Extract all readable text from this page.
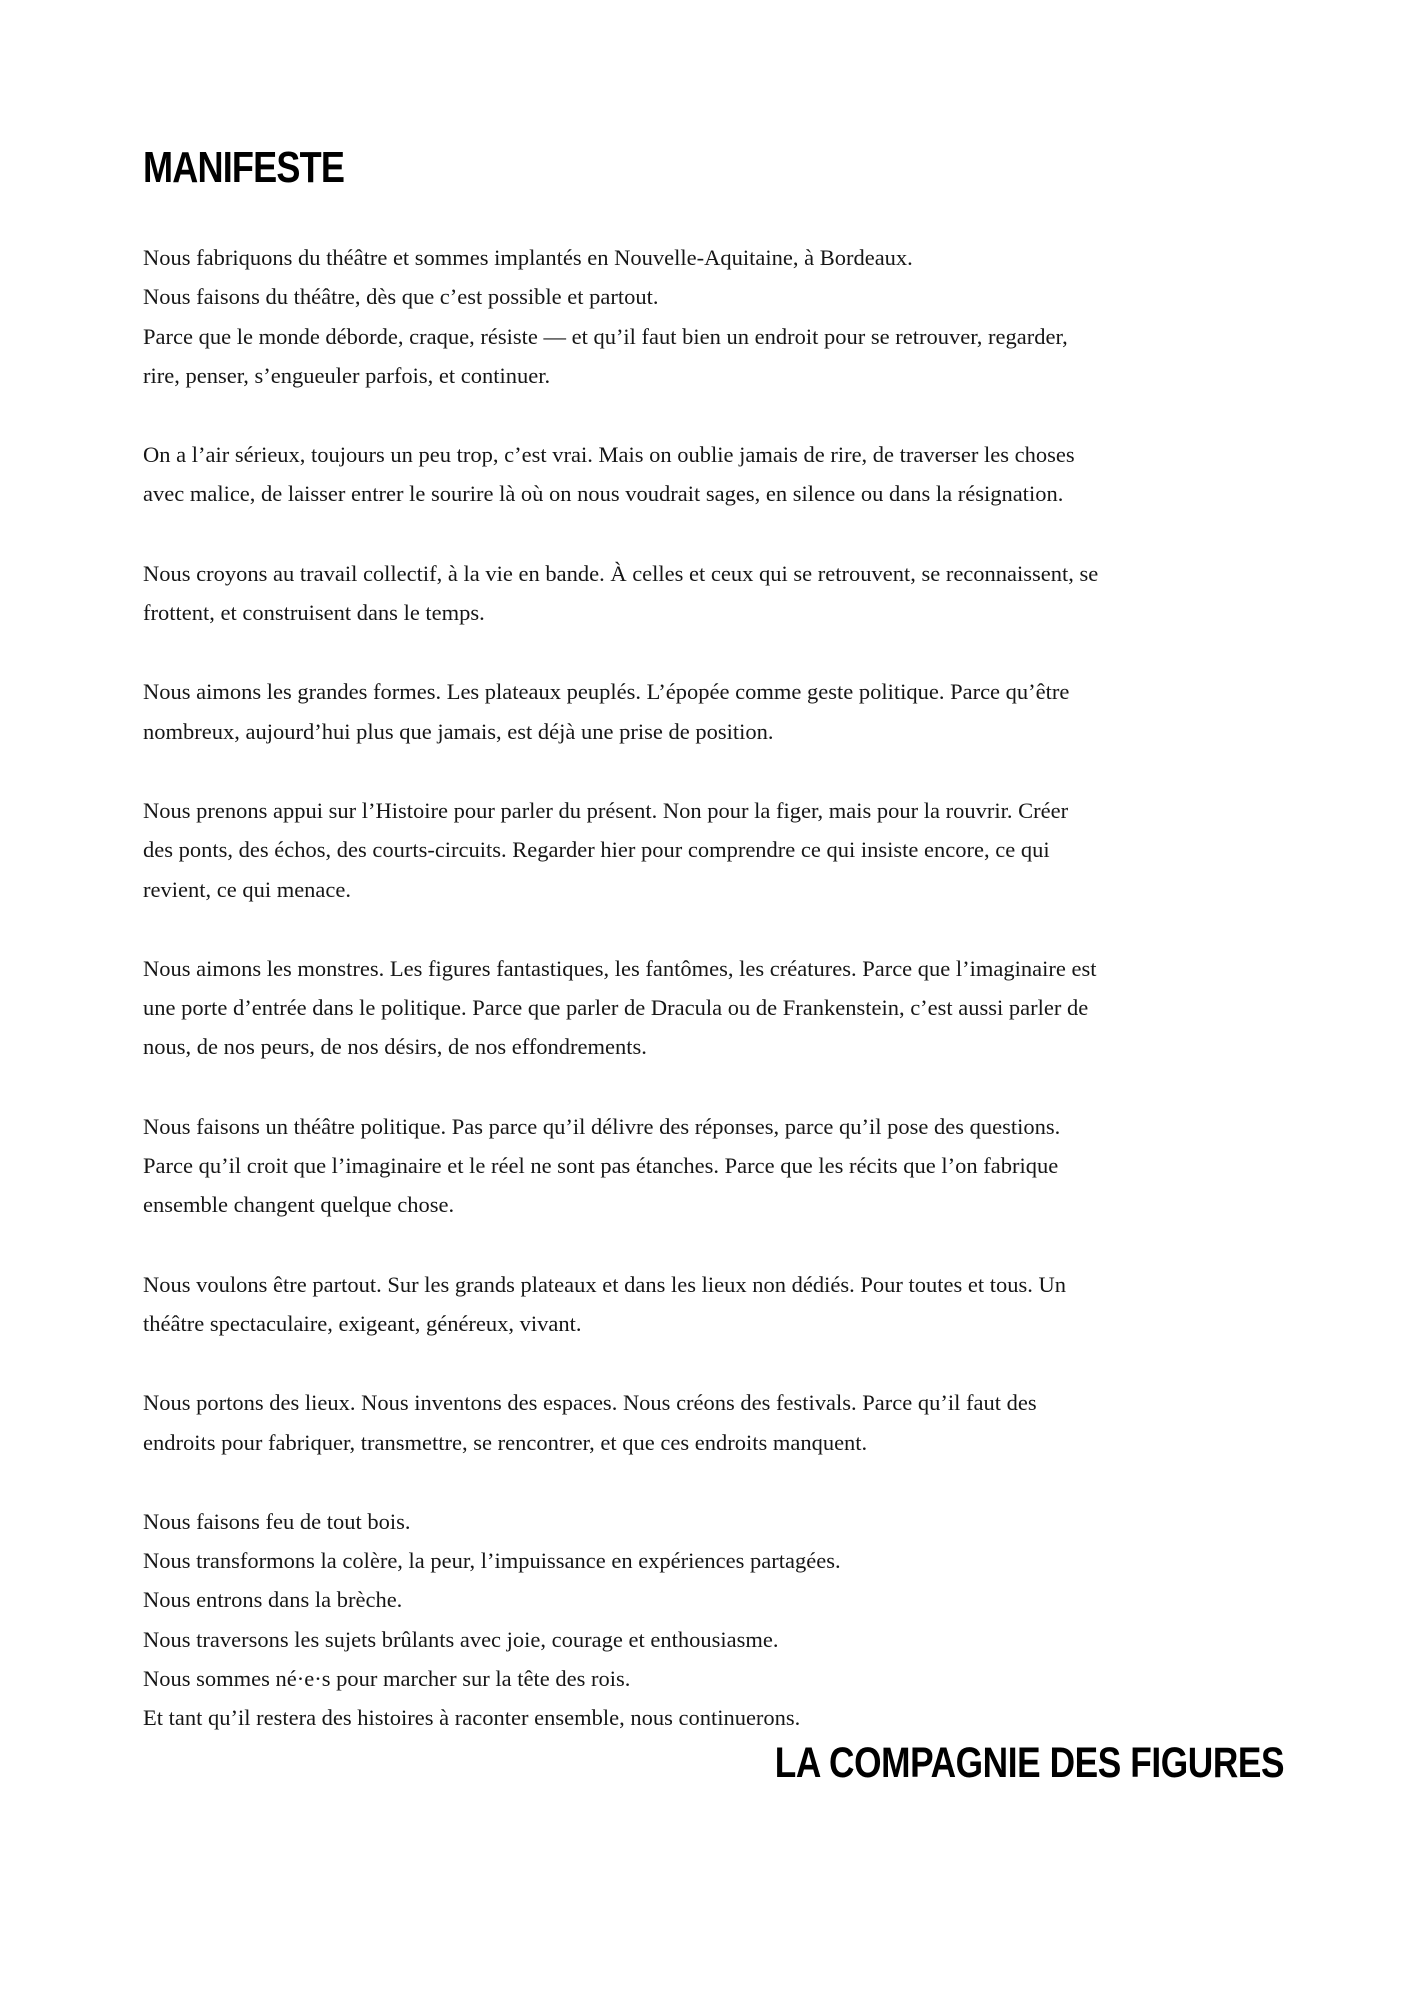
MANIFESTE

Nous fabriquons du théâtre et sommes implantés en Nouvelle-Aquitaine, à Bordeaux.
Nous faisons du théâtre, dès que c’est possible et partout.
Parce que le monde déborde, craque, résiste — et qu’il faut bien un endroit pour se retrouver, regarder,
rire, penser, s’engueuler parfois, et continuer.

On a l’air sérieux, toujours un peu trop, c’est vrai. Mais on oublie jamais de rire, de traverser les choses
avec malice, de laisser entrer le sourire là où on nous voudrait sages, en silence ou dans la résignation.

Nous croyons au travail collectif, à la vie en bande. À celles et ceux qui se retrouvent, se reconnaissent, se
frottent, et construisent dans le temps.

Nous aimons les grandes formes. Les plateaux peuplés. L’épopée comme geste politique. Parce qu’être
nombreux, aujourd’hui plus que jamais, est déjà une prise de position.

Nous prenons appui sur l’Histoire pour parler du présent. Non pour la figer, mais pour la rouvrir. Créer
des ponts, des échos, des courts-circuits. Regarder hier pour comprendre ce qui insiste encore, ce qui
revient, ce qui menace.

Nous aimons les monstres. Les figures fantastiques, les fantômes, les créatures. Parce que l’imaginaire est
une porte d’entrée dans le politique. Parce que parler de Dracula ou de Frankenstein, c’est aussi parler de
nous, de nos peurs, de nos désirs, de nos effondrements.

Nous faisons un théâtre politique. Pas parce qu’il délivre des réponses, parce qu’il pose des questions.
Parce qu’il croit que l’imaginaire et le réel ne sont pas étanches. Parce que les récits que l’on fabrique
ensemble changent quelque chose.

Nous voulons être partout. Sur les grands plateaux et dans les lieux non dédiés. Pour toutes et tous. Un
théâtre spectaculaire, exigeant, généreux, vivant.

Nous portons des lieux. Nous inventons des espaces. Nous créons des festivals. Parce qu’il faut des
endroits pour fabriquer, transmettre, se rencontrer, et que ces endroits manquent.

Nous faisons feu de tout bois.
Nous transformons la colère, la peur, l’impuissance en expériences partagées.
Nous entrons dans la brèche.
Nous traversons les sujets brûlants avec joie, courage et enthousiasme.
Nous sommes né·e·s pour marcher sur la tête des rois.
Et tant qu’il restera des histoires à raconter ensemble, nous continuerons.

LA COMPAGNIE DES FIGURES
